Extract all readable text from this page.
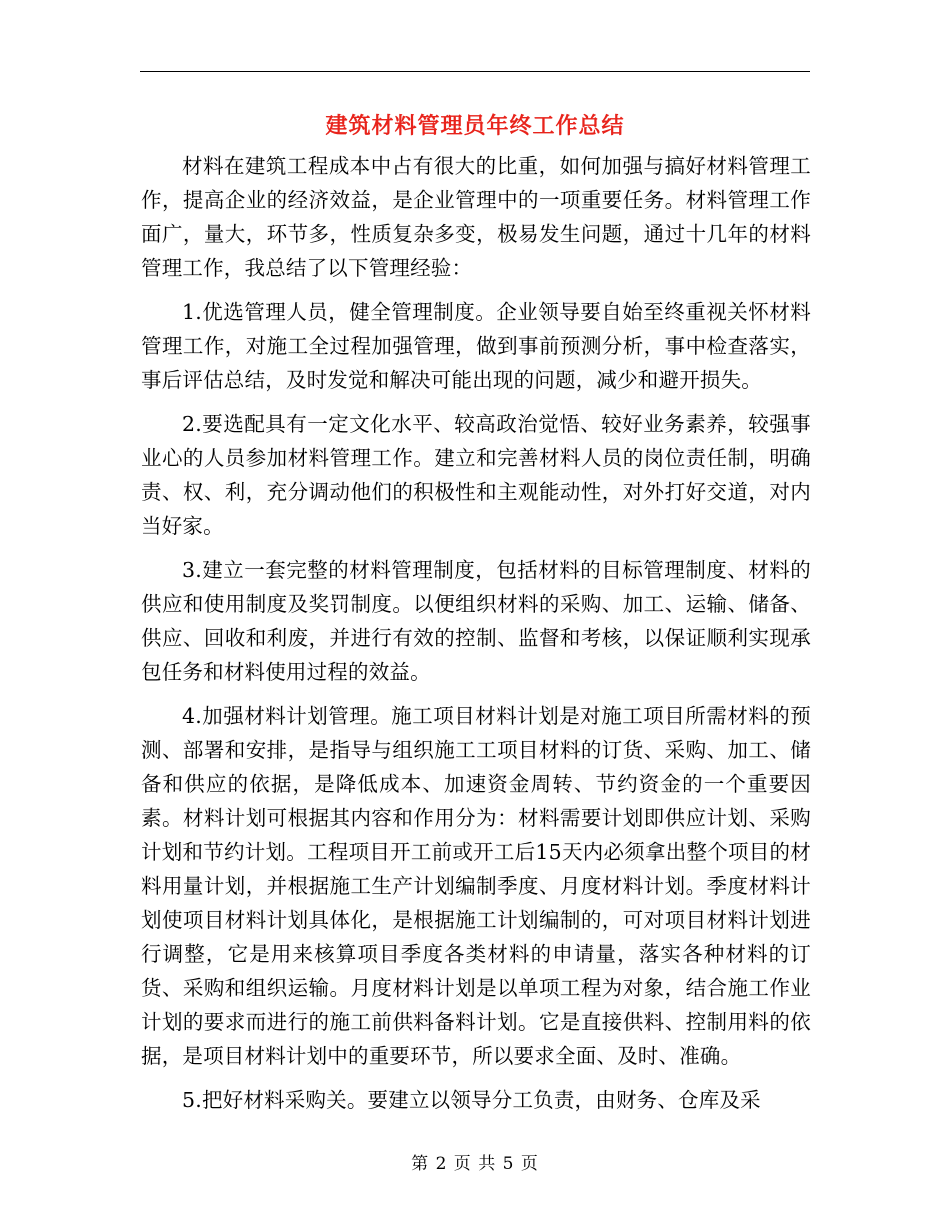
建筑材料管理员年终工作总结

材料在建筑工程成本中占有很大的比重，如何加强与搞好材料管理工作，提高企业的经济效益，是企业管理中的一项重要任务。材料管理工作面广，量大，环节多，性质复杂多变，极易发生问题，通过十几年的材料管理工作，我总结了以下管理经验：

1.优选管理人员，健全管理制度。企业领导要自始至终重视关怀材料管理工作，对施工全过程加强管理，做到事前预测分析，事中检查落实，事后评估总结，及时发觉和解决可能出现的问题，减少和避开损失。

2.要选配具有一定文化水平、较高政治觉悟、较好业务素养，较强事业心的人员参加材料管理工作。建立和完善材料人员的岗位责任制，明确责、权、利，充分调动他们的积极性和主观能动性，对外打好交道，对内当好家。

3.建立一套完整的材料管理制度，包括材料的目标管理制度、材料的供应和使用制度及奖罚制度。以便组织材料的采购、加工、运输、储备、供应、回收和利废，并进行有效的控制、监督和考核，以保证顺利实现承包任务和材料使用过程的效益。

4.加强材料计划管理。施工项目材料计划是对施工项目所需材料的预测、部署和安排，是指导与组织施工工项目材料的订货、采购、加工、储备和供应的依据，是降低成本、加速资金周转、节约资金的一个重要因素。材料计划可根据其内容和作用分为：材料需要计划即供应计划、采购计划和节约计划。工程项目开工前或开工后15天内必须拿出整个项目的材料用量计划，并根据施工生产计划编制季度、月度材料计划。季度材料计划使项目材料计划具体化，是根据施工计划编制的，可对项目材料计划进行调整，它是用来核算项目季度各类材料的申请量，落实各种材料的订货、采购和组织运输。月度材料计划是以单项工程为对象，结合施工作业计划的要求而进行的施工前供料备料计划。它是直接供料、控制用料的依据，是项目材料计划中的重要环节，所以要求全面、及时、准确。

5.把好材料采购关。要建立以领导分工负责，由财务、仓库及采

第 2 页 共 5 页
